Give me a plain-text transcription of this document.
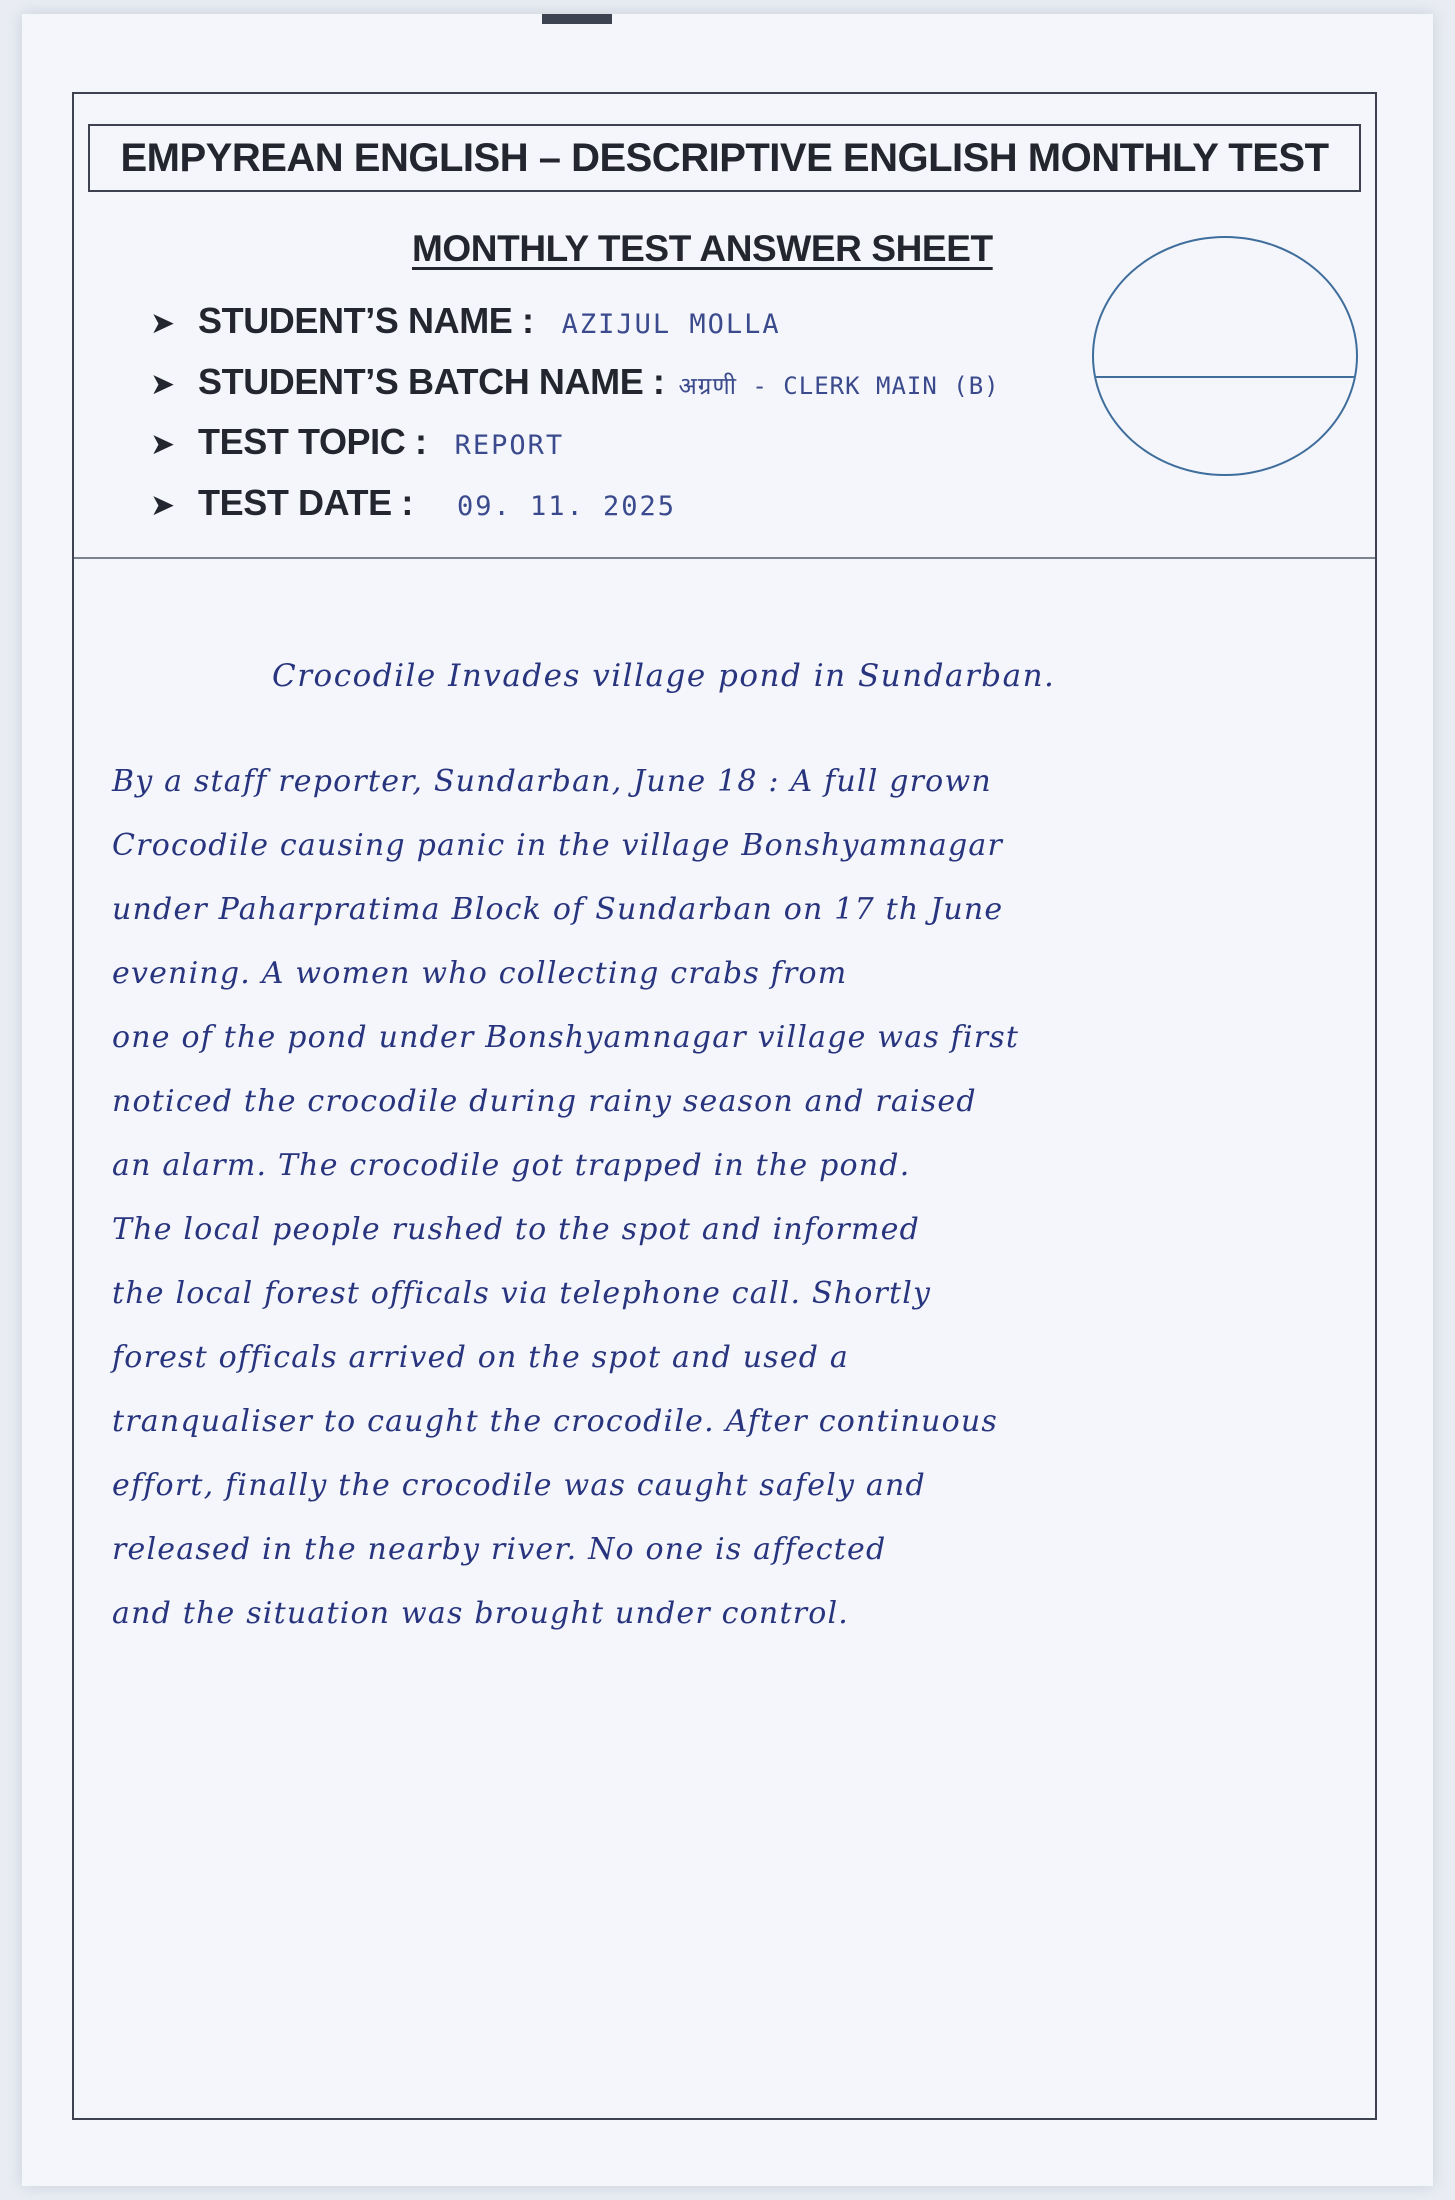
EMPYREAN ENGLISH – DESCRIPTIVE ENGLISH MONTHLY TEST
MONTHLY TEST ANSWER SHEET
➤ STUDENT’S NAME : AZIJUL MOLLA
➤ STUDENT’S BATCH NAME : अग्रणी - CLERK MAIN (B)
➤ TEST TOPIC : REPORT
➤ TEST DATE : 09. 11. 2025
Crocodile Invades village pond in Sundarban.
By a staff reporter, Sundarban, June 18 : A full grown
Crocodile causing panic in the village Bonshyamnagar
under Paharpratima Block of Sundarban on 17 th June
evening. A women who collecting crabs from
one of the pond under Bonshyamnagar village was first
noticed the crocodile during rainy season and raised
an alarm. The crocodile got trapped in the pond.
The local people rushed to the spot and informed
the local forest officals via telephone call. Shortly
forest officals arrived on the spot and used a
tranqualiser to caught the crocodile. After continuous
effort, finally the crocodile was caught safely and
released in the nearby river. No one is affected
and the situation was brought under control.
